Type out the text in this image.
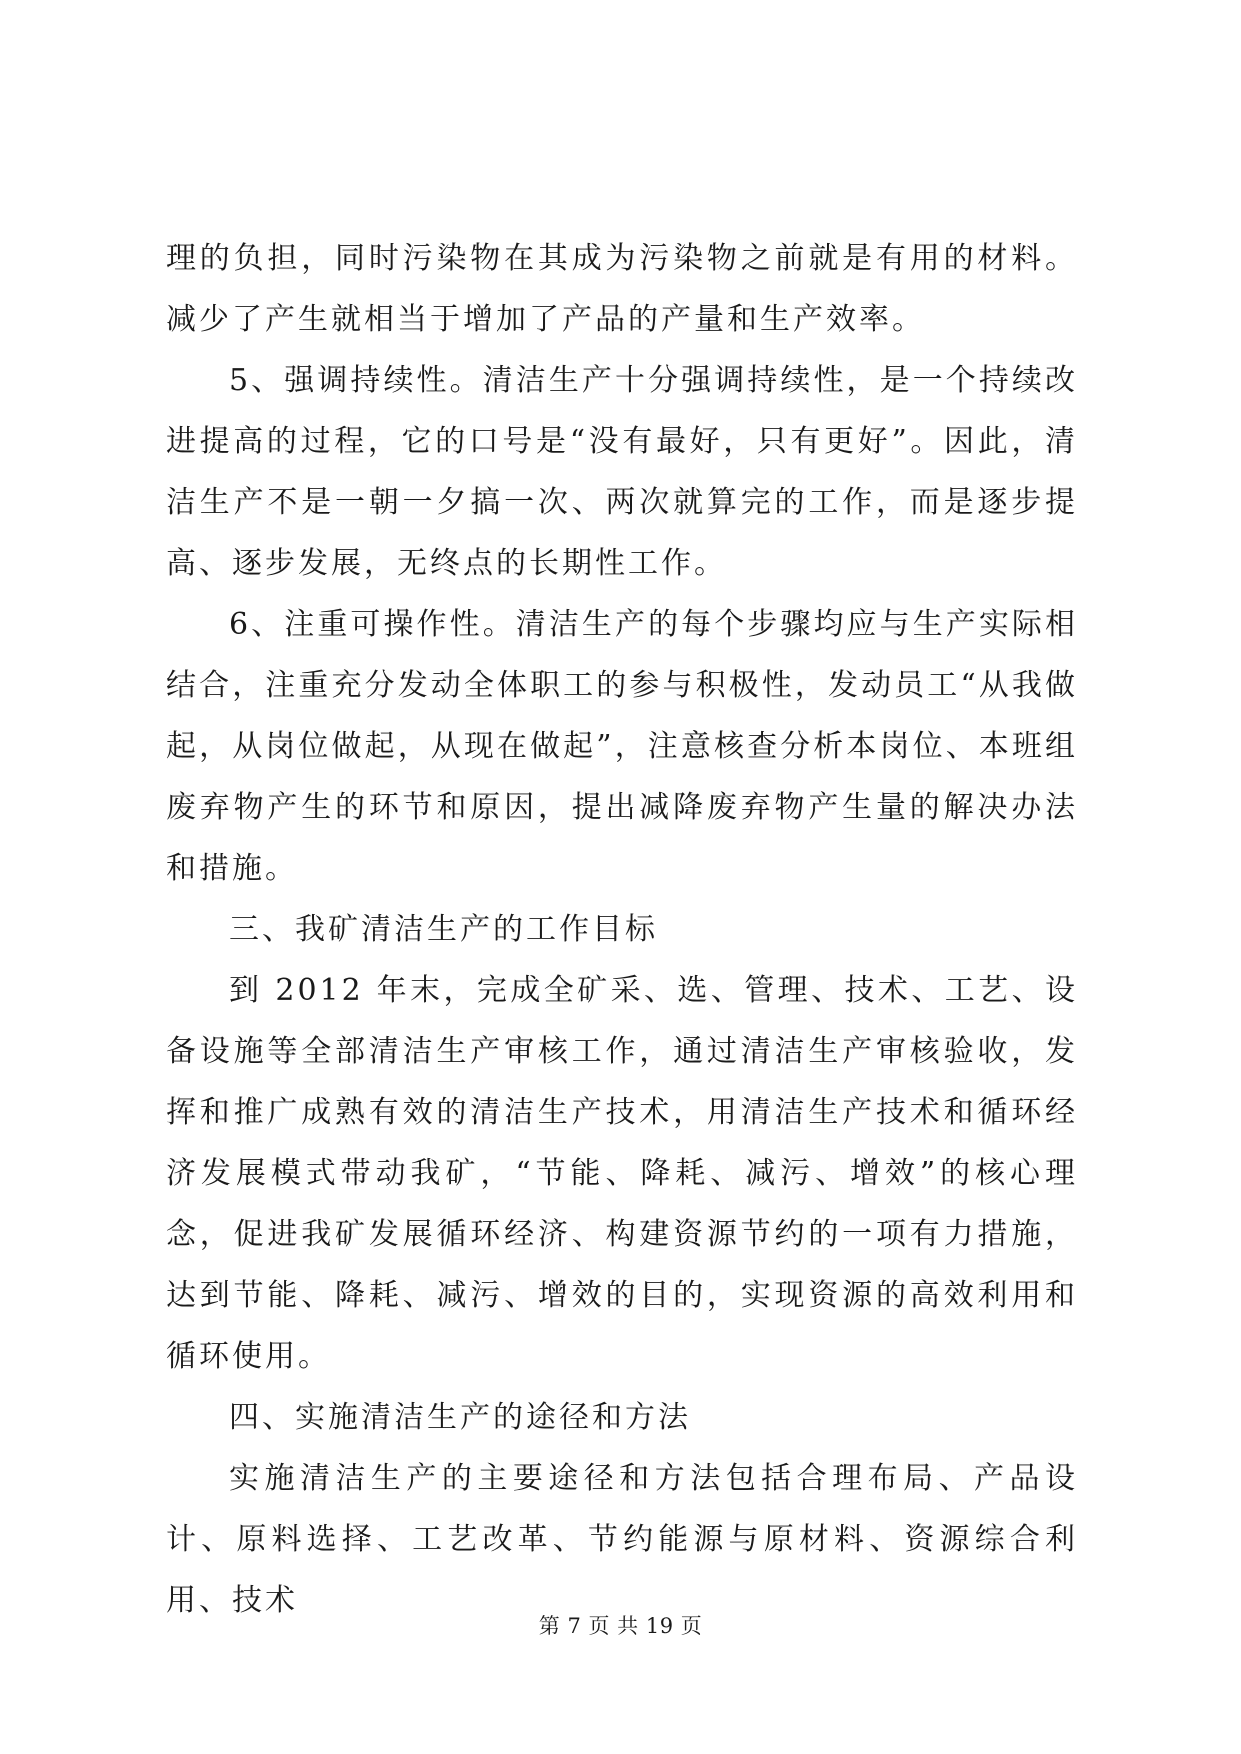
理的负担，同时污染物在其成为污染物之前就是有用的材料。减少了产生就相当于增加了产品的产量和生产效率。

5、强调持续性。清洁生产十分强调持续性，是一个持续改进提高的过程，它的口号是“没有最好，只有更好”。因此，清洁生产不是一朝一夕搞一次、两次就算完的工作，而是逐步提高、逐步发展，无终点的长期性工作。

6、注重可操作性。清洁生产的每个步骤均应与生产实际相结合，注重充分发动全体职工的参与积极性，发动员工“从我做起，从岗位做起，从现在做起”，注意核查分析本岗位、本班组废弃物产生的环节和原因，提出减降废弃物产生量的解决办法和措施。

三、我矿清洁生产的工作目标

到 2012 年末，完成全矿采、选、管理、技术、工艺、设备设施等全部清洁生产审核工作，通过清洁生产审核验收，发挥和推广成熟有效的清洁生产技术，用清洁生产技术和循环经济发展模式带动我矿，“节能、降耗、减污、增效”的核心理念，促进我矿发展循环经济、构建资源节约的一项有力措施，达到节能、降耗、减污、增效的目的，实现资源的高效利用和循环使用。

四、实施清洁生产的途径和方法

实施清洁生产的主要途径和方法包括合理布局、产品设计、原料选择、工艺改革、节约能源与原材料、资源综合利用、技术

第 7 页 共 19 页
